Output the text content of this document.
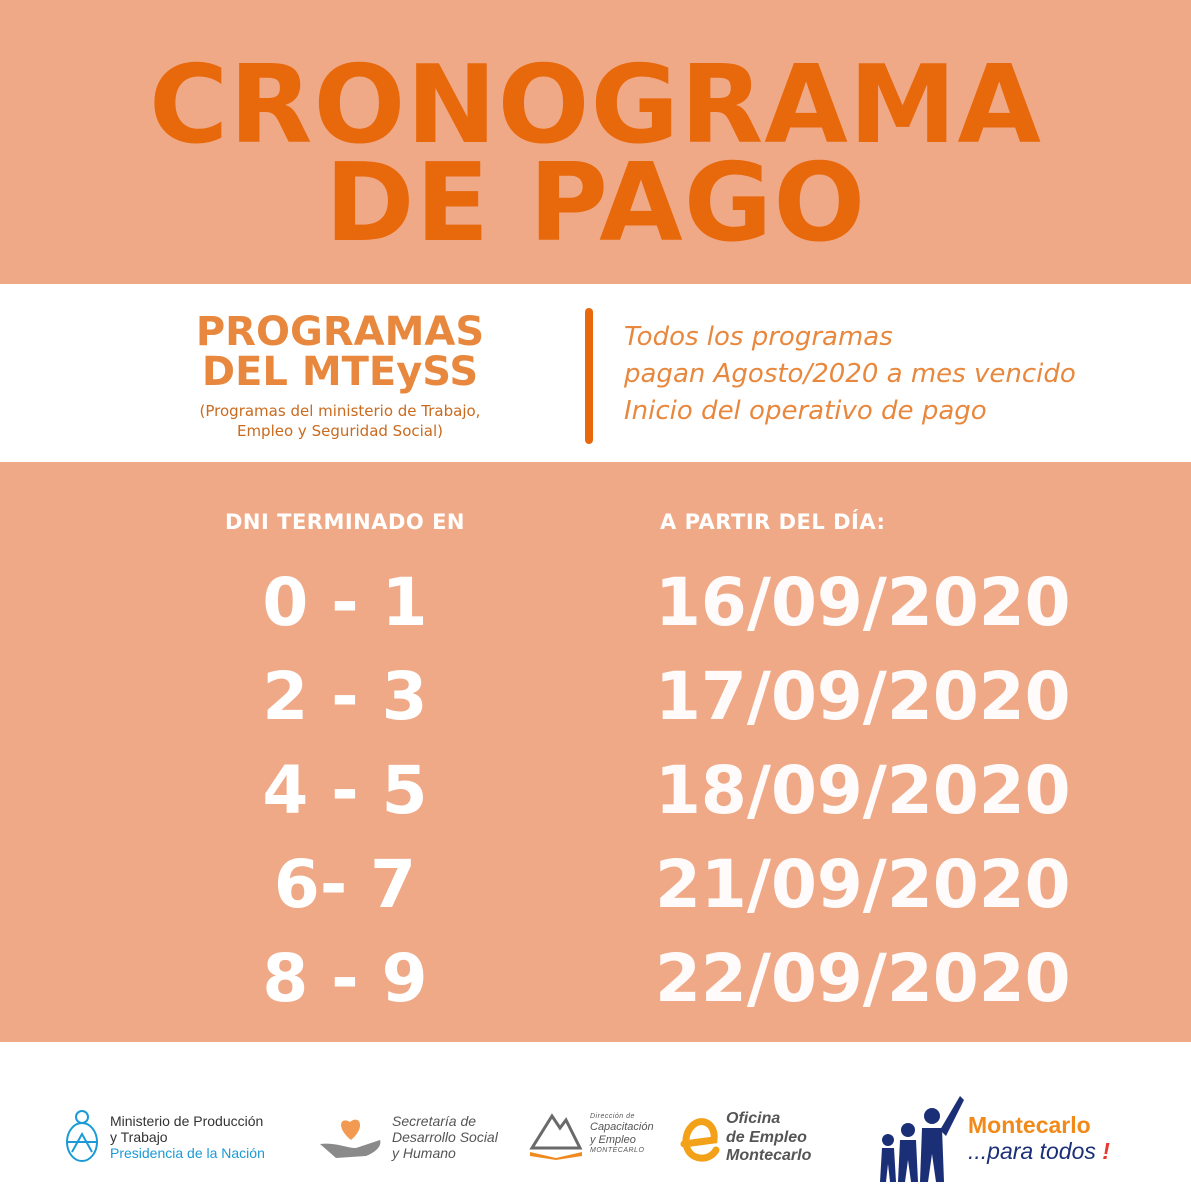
CRONOGRAMA
DE PAGO
PROGRAMAS
DEL MTEySS
(Programas del ministerio de Trabajo,
Empleo y Seguridad Social)
Todos los programas
pagan Agosto/2020 a mes vencido
Inicio del operativo de pago
DNI TERMINADO EN	A PARTIR DEL DÍA:
0 - 1	16/09/2020
2 - 3	17/09/2020
4 - 5	18/09/2020
6- 7	21/09/2020
8 - 9	22/09/2020
Ministerio de Producción
y Trabajo
Presidencia de la Nación
Secretaría de
Desarrollo Social
y Humano
Dirección de
Capacitación
y Empleo
MONTECARLO
Oficina
de Empleo
Montecarlo
Montecarlo
...para todos !
